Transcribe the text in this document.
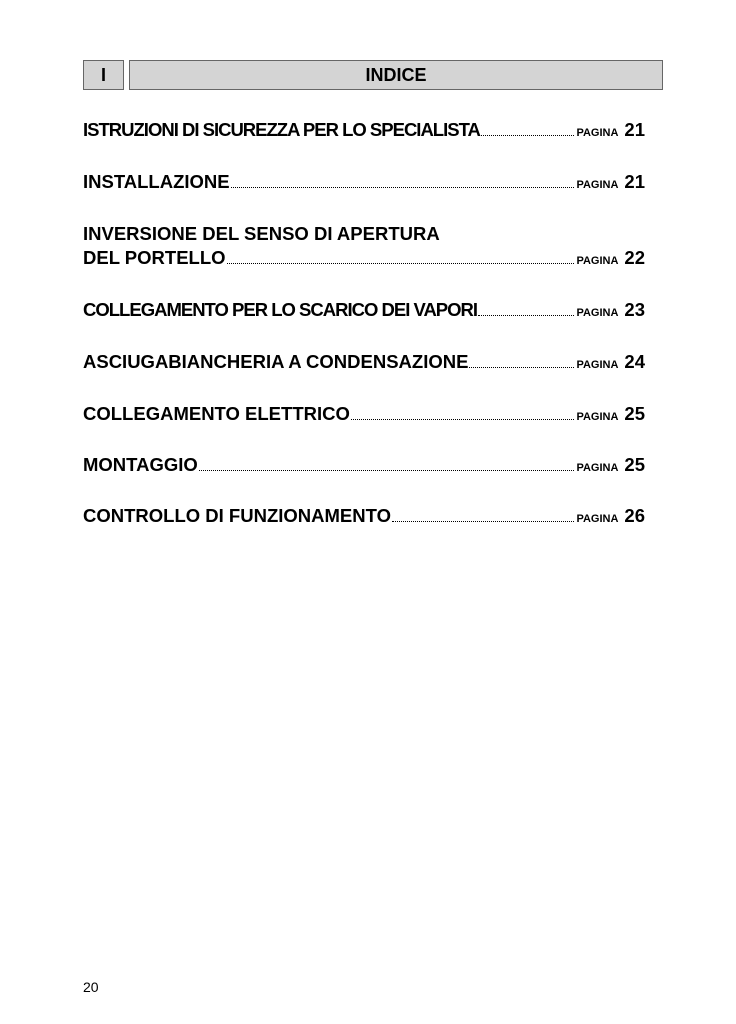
I	INDICE
ISTRUZIONI DI SICUREZZA PER LO SPECIALISTA	PAGINA 21
INSTALLAZIONE	PAGINA 21
INVERSIONE DEL SENSO DI APERTURA
DEL PORTELLO	PAGINA 22
COLLEGAMENTO PER LO SCARICO DEI VAPORI	PAGINA 23
ASCIUGABIANCHERIA A CONDENSAZIONE	PAGINA 24
COLLEGAMENTO ELETTRICO	PAGINA 25
MONTAGGIO	PAGINA 25
CONTROLLO DI FUNZIONAMENTO	PAGINA 26
20
